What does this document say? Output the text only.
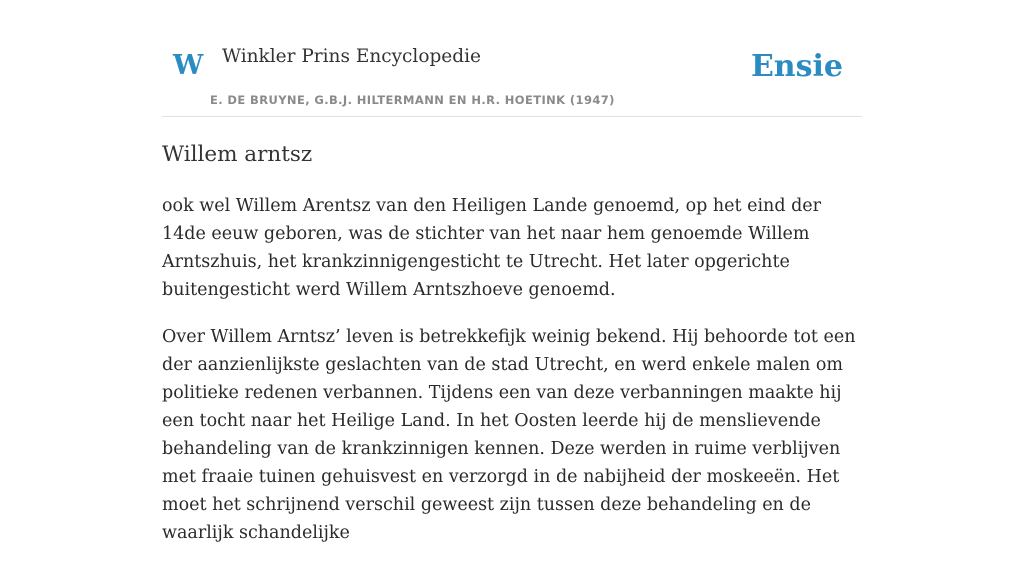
W Winkler Prins Encyclopedie
E. DE BRUYNE, G.B.J. HILTERMANN EN H.R. HOETINK (1947)
Ensie
Willem arntsz

ook wel Willem Arentsz van den Heiligen Lande genoemd, op het eind der 14de eeuw geboren, was de stichter van het naar hem genoemde Willem Arntszhuis, het krankzinnigengesticht te Utrecht. Het later opgerichte buitengesticht werd Willem Arntszhoeve genoemd.

Over Willem Arntsz’ leven is betrekkefijk weinig bekend. Hij behoorde tot een der aanzienlijkste geslachten van de stad Utrecht, en werd enkele malen om politieke redenen verbannen. Tijdens een van deze verbanningen maakte hij een tocht naar het Heilige Land. In het Oosten leerde hij de menslievende behandeling van de krankzinnigen kennen. Deze werden in ruime verblijven met fraaie tuinen gehuisvest en verzorgd in de nabijheid der moskeeën. Het moet het schrijnend verschil geweest zijn tussen deze behandeling en de waarlijk schandelijke
